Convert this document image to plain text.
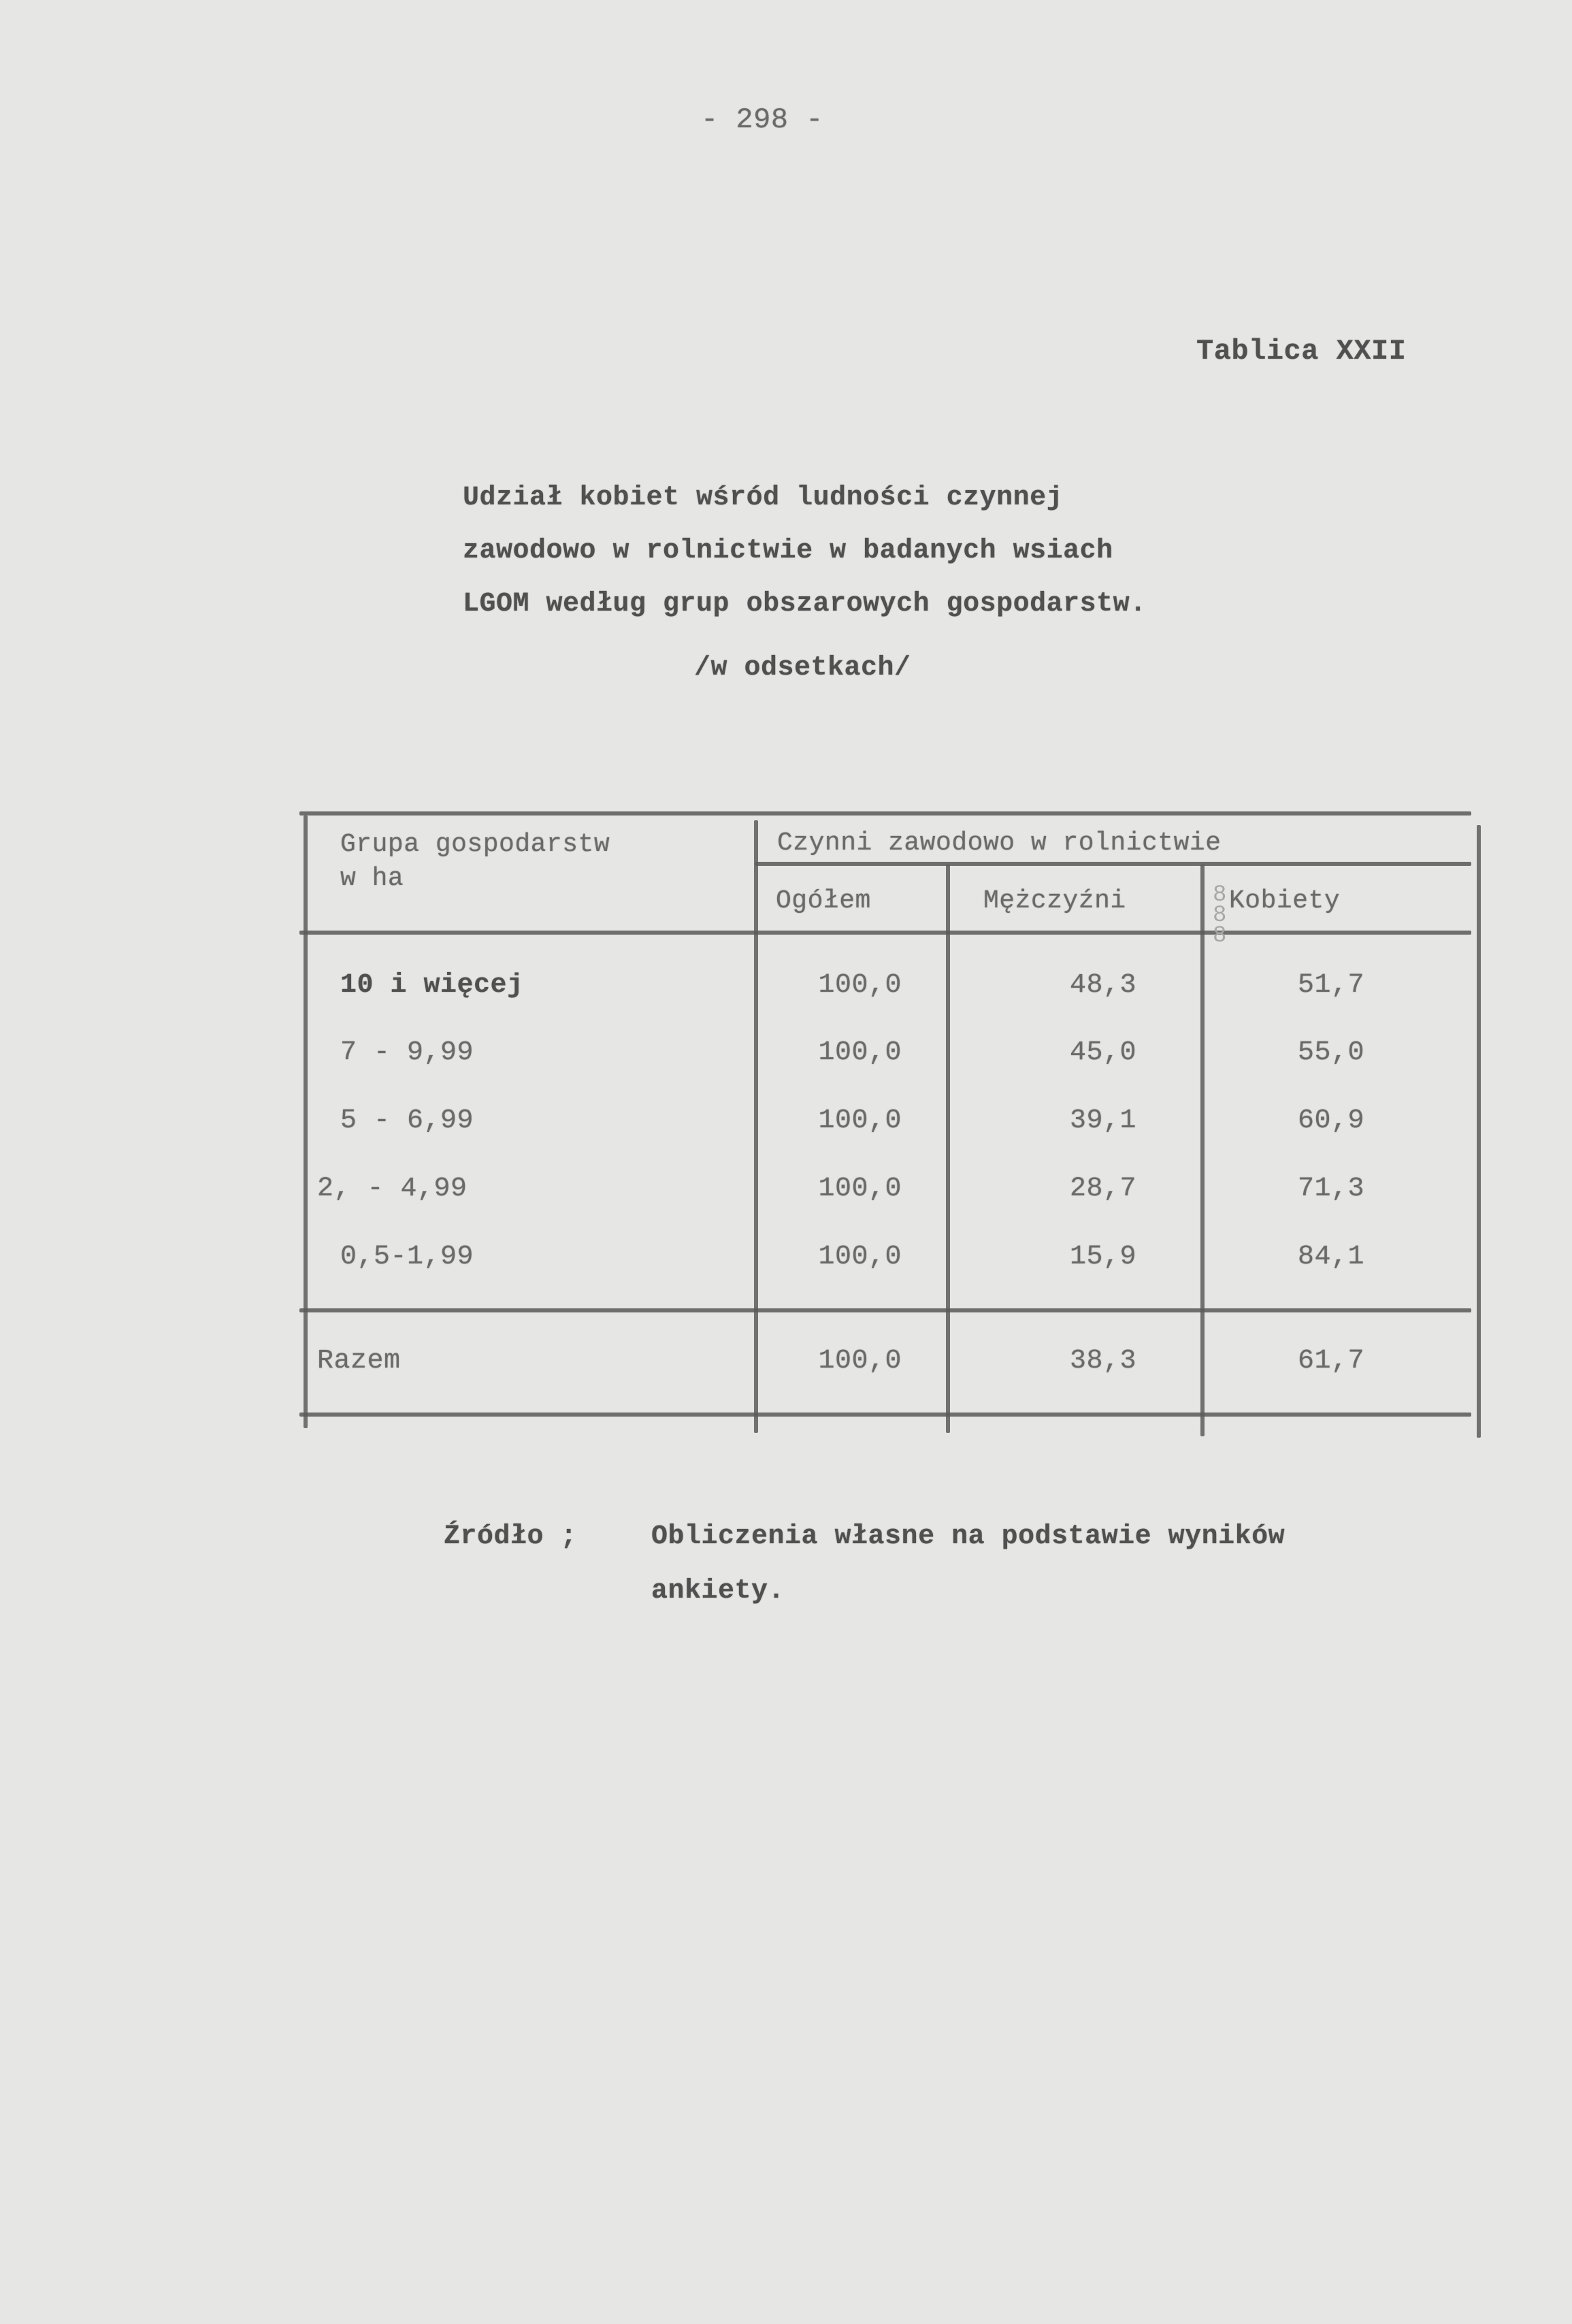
- 298 -
Tablica XXII
Udział kobiet wśród ludności czynnej
zawodowo w rolnictwie w badanych wsiach
LGOM według grup obszarowych gospodarstw.
/w odsetkach/
8
8
8
Grupa gospodarstw
w ha
Czynni zawodowo w rolnictwie
Ogółem	Mężczyźni	Kobiety
10 i więcej	100,0	48,3	51,7
7 - 9,99	100,0	45,0	55,0
5 - 6,99	100,0	39,1	60,9
2, - 4,99	100,0	28,7	71,3
0,5-1,99	100,0	15,9	84,1
Razem	100,0	38,3	61,7
Źródło ;	Obliczenia własne na podstawie wyników
ankiety.
